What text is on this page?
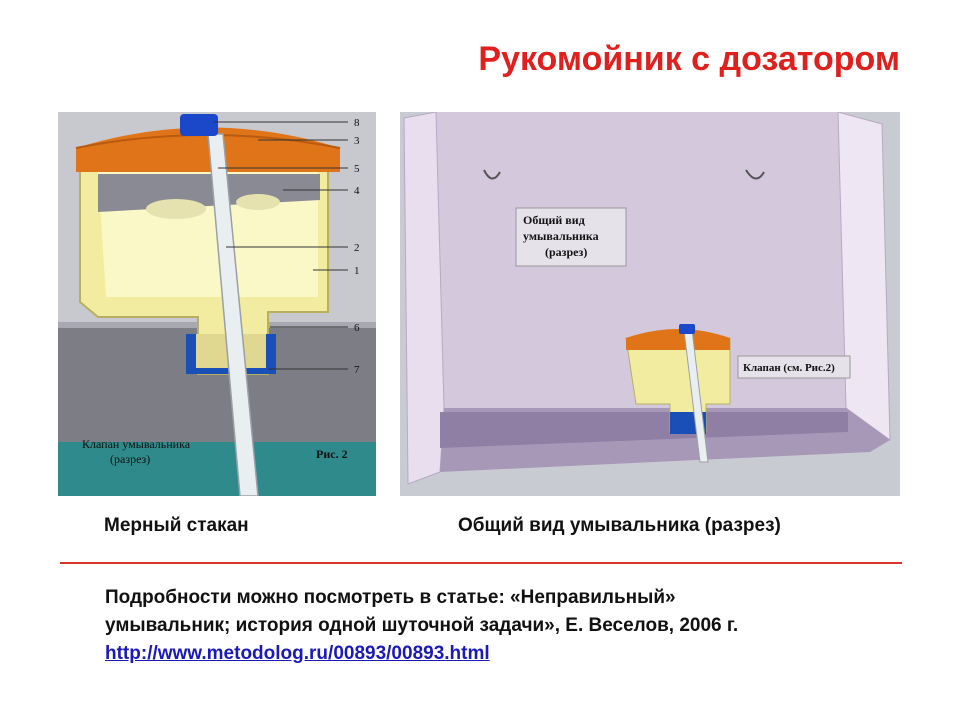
Рукомойник с дозатором
8
3
5
4
2
1
6
7
Клапан умывальника
(разрез)	Рис. 2
Общий вид
умывальника
(разрез)
Клапан (см. Рис.2)
Мерный стакан	Общий вид умывальника (разрез)
Подробности можно посмотреть в статье: «Неправильный»
умывальник; история одной шуточной задачи», Е. Веселов, 2006 г.
http://www.metodolog.ru/00893/00893.html
